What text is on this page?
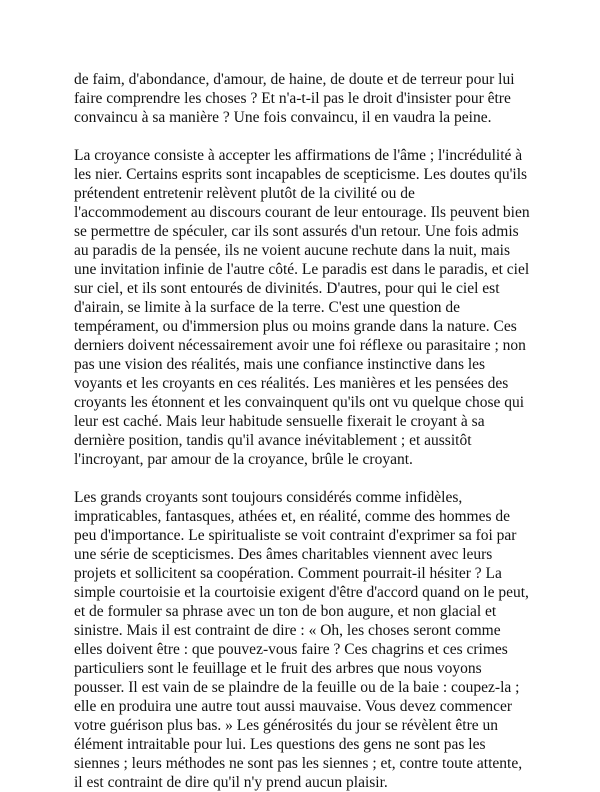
de faim, d'abondance, d'amour, de haine, de doute et de terreur pour lui faire comprendre les choses ? Et n'a-t-il pas le droit d'insister pour être convaincu à sa manière ? Une fois convaincu, il en vaudra la peine.

La croyance consiste à accepter les affirmations de l'âme ; l'incrédulité à les nier. Certains esprits sont incapables de scepticisme. Les doutes qu'ils prétendent entretenir relèvent plutôt de la civilité ou de l'accommodement au discours courant de leur entourage. Ils peuvent bien se permettre de spéculer, car ils sont assurés d'un retour. Une fois admis au paradis de la pensée, ils ne voient aucune rechute dans la nuit, mais une invitation infinie de l'autre côté. Le paradis est dans le paradis, et ciel sur ciel, et ils sont entourés de divinités. D'autres, pour qui le ciel est d'airain, se limite à la surface de la terre. C'est une question de tempérament, ou d'immersion plus ou moins grande dans la nature. Ces derniers doivent nécessairement avoir une foi réflexe ou parasitaire ; non pas une vision des réalités, mais une confiance instinctive dans les voyants et les croyants en ces réalités. Les manières et les pensées des croyants les étonnent et les convainquent qu'ils ont vu quelque chose qui leur est caché. Mais leur habitude sensuelle fixerait le croyant à sa dernière position, tandis qu'il avance inévitablement ; et aussitôt l'incroyant, par amour de la croyance, brûle le croyant.

Les grands croyants sont toujours considérés comme infidèles, impraticables, fantasques, athées et, en réalité, comme des hommes de peu d'importance. Le spiritualiste se voit contraint d'exprimer sa foi par une série de scepticismes. Des âmes charitables viennent avec leurs projets et sollicitent sa coopération. Comment pourrait-il hésiter ? La simple courtoisie et la courtoisie exigent d'être d'accord quand on le peut, et de formuler sa phrase avec un ton de bon augure, et non glacial et sinistre. Mais il est contraint de dire : « Oh, les choses seront comme elles doivent être : que pouvez-vous faire ? Ces chagrins et ces crimes particuliers sont le feuillage et le fruit des arbres que nous voyons pousser. Il est vain de se plaindre de la feuille ou de la baie : coupez-la ; elle en produira une autre tout aussi mauvaise. Vous devez commencer votre guérison plus bas. » Les générosités du jour se révèlent être un élément intraitable pour lui. Les questions des gens ne sont pas les siennes ; leurs méthodes ne sont pas les siennes ; et, contre toute attente, il est contraint de dire qu'il n'y prend aucun plaisir.
